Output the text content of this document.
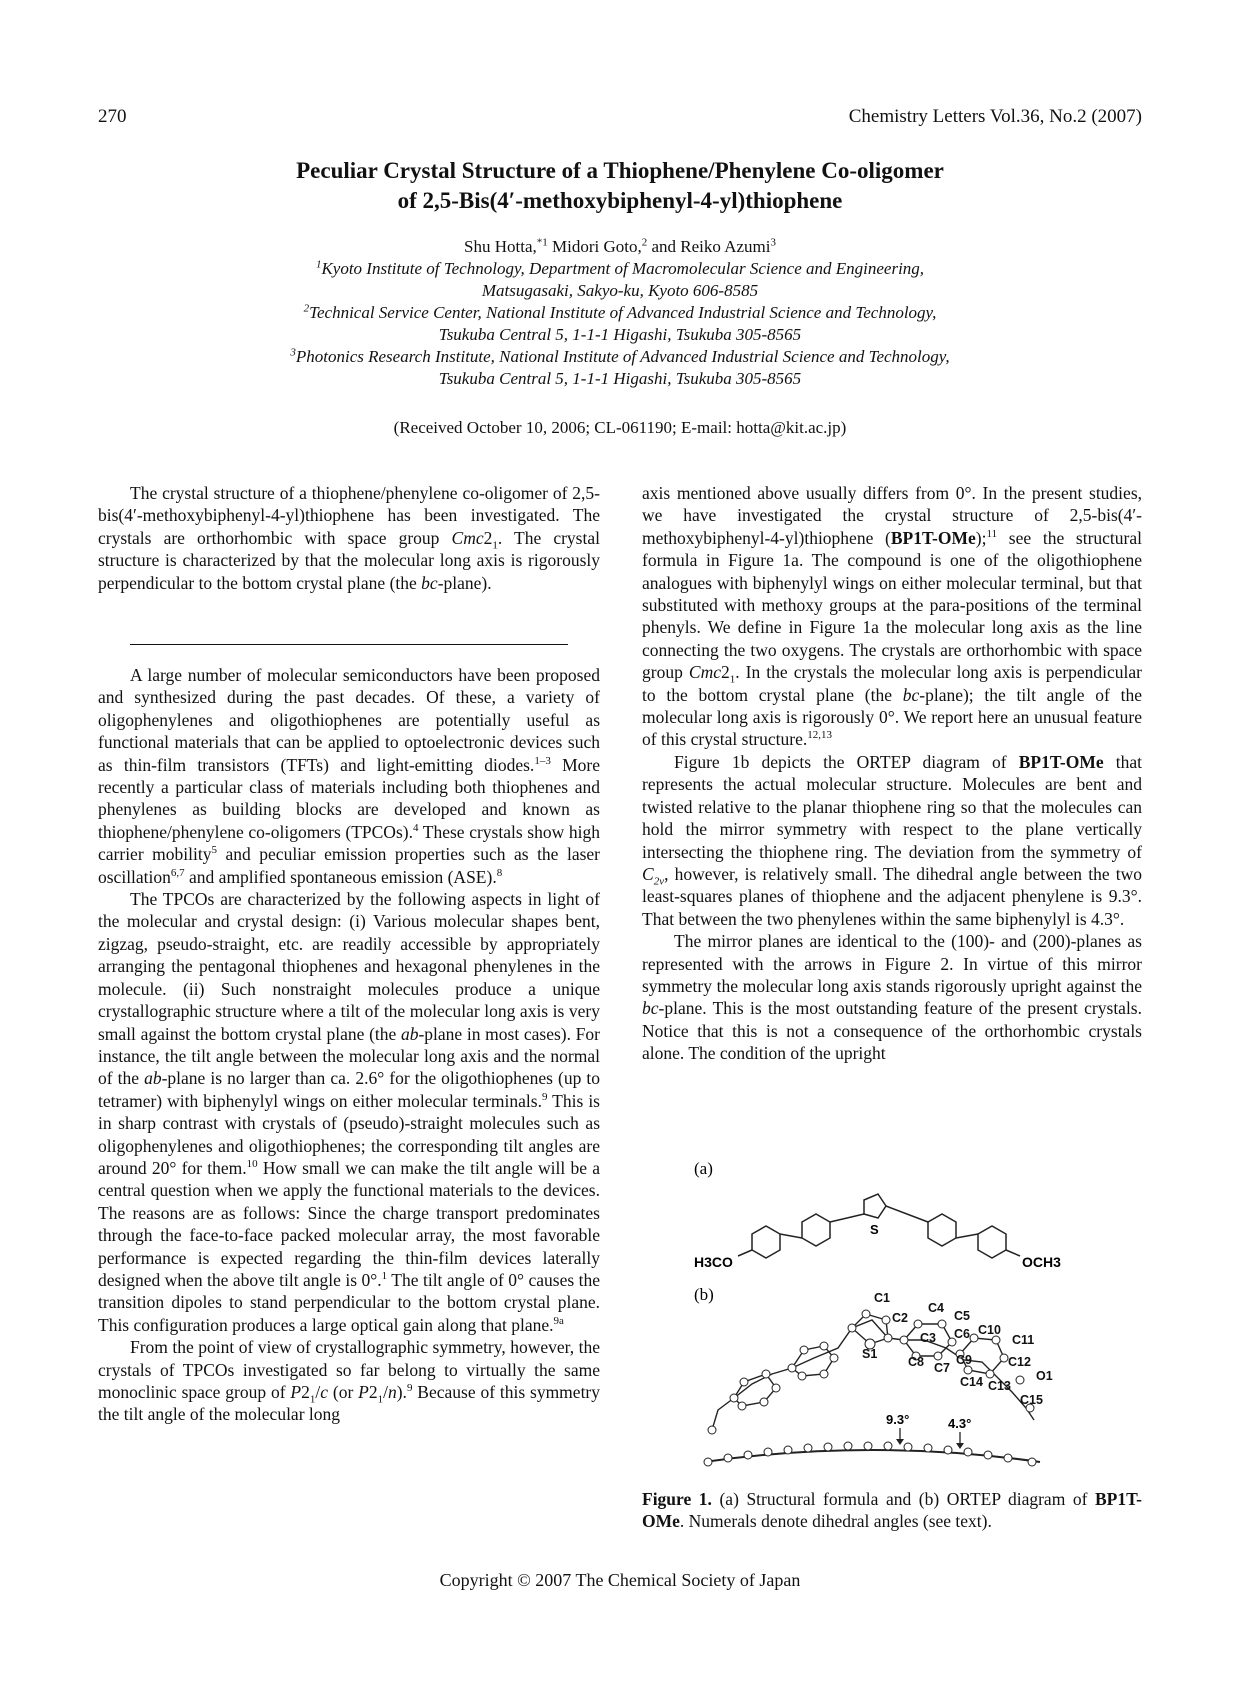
270	Chemistry Letters Vol.36, No.2 (2007)
Peculiar Crystal Structure of a Thiophene/Phenylene Co-oligomer
of 2,5-Bis(4′-methoxybiphenyl-4-yl)thiophene
Shu Hotta,$^{*1}$ Midori Goto,$^2$ and Reiko Azumi$^3$
$^1$Kyoto Institute of Technology, Department of Macromolecular Science and Engineering,
Matsugasaki, Sakyo-ku, Kyoto 606-8585
$^2$Technical Service Center, National Institute of Advanced Industrial Science and Technology,
Tsukuba Central 5, 1-1-1 Higashi, Tsukuba 305-8565
$^3$Photonics Research Institute, National Institute of Advanced Industrial Science and Technology,
Tsukuba Central 5, 1-1-1 Higashi, Tsukuba 305-8565
(Received October 10, 2006; CL-061190; E-mail: hotta@kit.ac.jp)

The crystal structure of a thiophene/phenylene co-oligomer of 2,5-bis(4′-methoxybiphenyl-4-yl)thiophene has been investigated. The crystals are orthorhombic with space group $Cmc2_1$. The crystal structure is characterized by that the molecular long axis is rigorously perpendicular to the bottom crystal plane (the bc-plane).

A large number of molecular semiconductors have been proposed and synthesized during the past decades. Of these, a variety of oligophenylenes and oligothiophenes are potentially useful as functional materials that can be applied to optoelectronic devices such as thin-film transistors (TFTs) and light-emitting diodes.$^{1-3}$ More recently a particular class of materials including both thiophenes and phenylenes as building blocks are developed and known as thiophene/phenylene co-oligomers (TPCOs).$^4$ These crystals show high carrier mobility$^5$ and peculiar emission properties such as the laser oscillation$^{6,7}$ and amplified spontaneous emission (ASE).$^8$

The TPCOs are characterized by the following aspects in light of the molecular and crystal design: (i) Various molecular shapes bent, zigzag, pseudo-straight, etc. are readily accessible by appropriately arranging the pentagonal thiophenes and hexagonal phenylenes in the molecule. (ii) Such nonstraight molecules produce a unique crystallographic structure where a tilt of the molecular long axis is very small against the bottom crystal plane (the ab-plane in most cases). For instance, the tilt angle between the molecular long axis and the normal of the ab-plane is no larger than ca. 2.6° for the oligothiophenes (up to tetramer) with biphenylyl wings on either molecular terminals.$^9$ This is in sharp contrast with crystals of (pseudo)-straight molecules such as oligophenylenes and oligothiophenes; the corresponding tilt angles are around 20° for them.$^{10}$ How small we can make the tilt angle will be a central question when we apply the functional materials to the devices. The reasons are as follows: Since the charge transport predominates through the face-to-face packed molecular array, the most favorable performance is expected regarding the thin-film devices laterally designed when the above tilt angle is 0°.$^1$ The tilt angle of 0° causes the transition dipoles to stand perpendicular to the bottom crystal plane. This configuration produces a large optical gain along that plane.$^{9a}$

From the point of view of crystallographic symmetry, however, the crystals of TPCOs investigated so far belong to virtually the same monoclinic space group of $P2_1/c$ (or $P2_1/n).^9$ Because of this symmetry the tilt angle of the molecular long

axis mentioned above usually differs from 0°. In the present studies, we have investigated the crystal structure of 2,5-bis(4′-methoxybiphenyl-4-yl)thiophene (BP1T-OMe);$^{11}$ see the structural formula in Figure 1a. The compound is one of the oligothiophene analogues with biphenylyl wings on either molecular terminal, but that substituted with methoxy groups at the para-positions of the terminal phenyls. We define in Figure 1a the molecular long axis as the line connecting the two oxygens. The crystals are orthorhombic with space group $Cmc2_1$. In the crystals the molecular long axis is perpendicular to the bottom crystal plane (the bc-plane); the tilt angle of the molecular long axis is rigorously 0°. We report here an unusual feature of this crystal structure.$^{12,13}$

Figure 1b depicts the ORTEP diagram of BP1T-OMe that represents the actual molecular structure. Molecules are bent and twisted relative to the planar thiophene ring so that the molecules can hold the mirror symmetry with respect to the plane vertically intersecting the thiophene ring. The deviation from the symmetry of $C_{2v}$, however, is relatively small. The dihedral angle between the two least-squares planes of thiophene and the adjacent phenylene is 9.3°. That between the two phenylenes within the same biphenylyl is 4.3°.

The mirror planes are identical to the (100)- and (200)-planes as represented with the arrows in Figure 2. In virtue of this mirror symmetry the molecular long axis stands rigorously upright against the bc-plane. This is the most outstanding feature of the present crystals. Notice that this is not a consequence of the orthorhombic crystals alone. The condition of the upright

(a)
H3CO	OCH3
S
(b)	C1
C2
C3
C4
C5
C6
C7
C8	C9
C10
C11
C12
C13
C14
C15
O1
S1
9.3°	4.3°
Figure 1. (a) Structural formula and (b) ORTEP diagram of BP1T-OMe. Numerals denote dihedral angles (see text).
Copyright © 2007 The Chemical Society of Japan
